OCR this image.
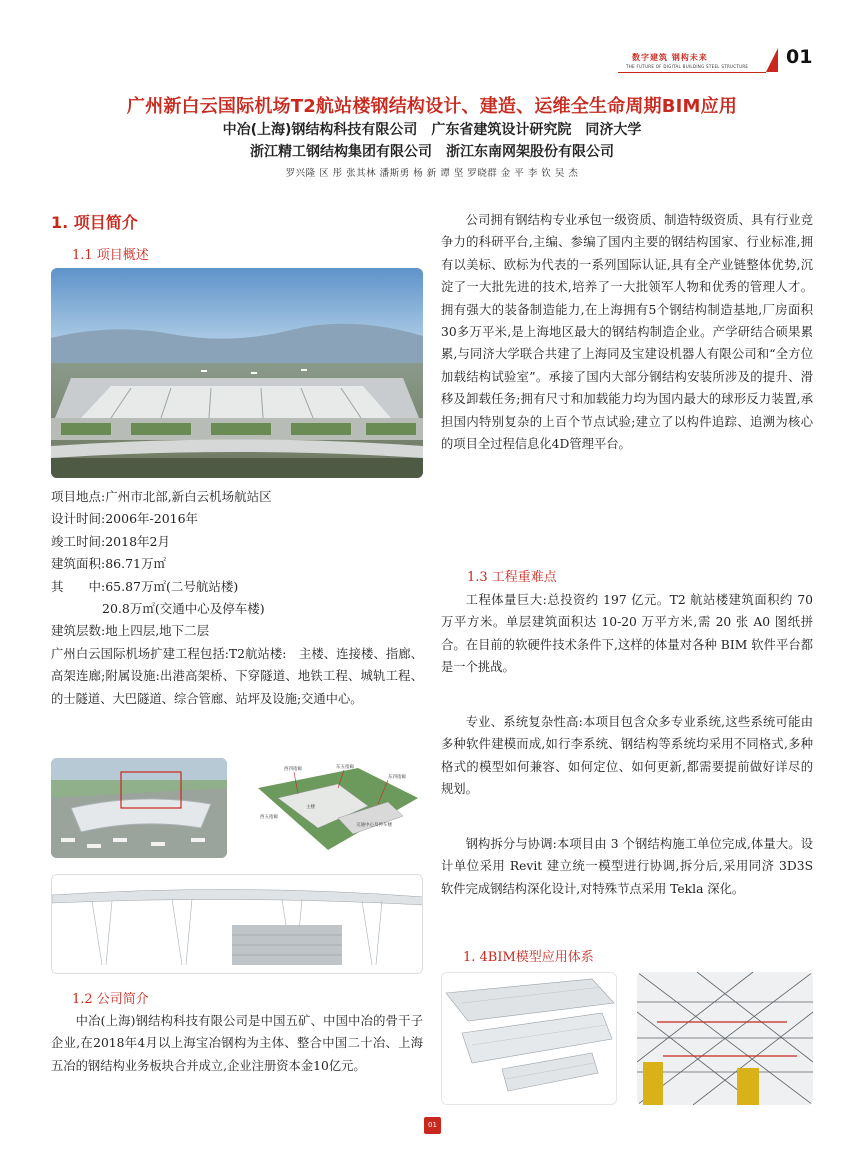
数字建筑 钢构未来
THE FUTURE OF DIGITAL BUILDING STEEL STRUCTURE 01
广州新白云国际机场T2航站楼钢结构设计、建造、运维全生命周期BIM应用
中冶(上海)钢结构科技有限公司　广东省建筑设计研究院　同济大学
浙江精工钢结构集团有限公司　浙江东南网架股份有限公司
罗兴隆 区 彤 张其林 潘斯勇 杨 新 谭 坚 罗晓群 金 平 李 钦 吴 杰
1. 项目简介
1.1 项目概述
项目地点:广州市北部,新白云机场航站区
设计时间:2006年-2016年
竣工时间:2018年2月
建筑面积:86.71万㎡
其　　中:65.87万㎡(二号航站楼)
20.8万㎡(交通中心及停车楼)
建筑层数:地上四层,地下二层
广州白云国际机场扩建工程包括:T2航站楼:　主楼、连接楼、指廊、高架连廊;附属设施:出港高架桥、下穿隧道、地铁工程、城轨工程、的士隧道、大巴隧道、综合管廊、站坪及设施;交通中心。
西四指廊	东五指廊
东四指廊
西五指廊
主楼
交通中心及停车楼
1.2 公司简介
中冶(上海)钢结构科技有限公司是中国五矿、中国中冶的骨干子企业,在2018年4月以上海宝冶钢构为主体、整合中国二十冶、上海五冶的钢结构业务板块合并成立,企业注册资本金10亿元。
公司拥有钢结构专业承包一级资质、制造特级资质、具有行业竞争力的科研平台,主编、参编了国内主要的钢结构国家、行业标准,拥有以美标、欧标为代表的一系列国际认证,具有全产业链整体优势,沉淀了一大批先进的技术,培养了一大批领军人物和优秀的管理人才。拥有强大的装备制造能力,在上海拥有5个钢结构制造基地,厂房面积30多万平米,是上海地区最大的钢结构制造企业。产学研结合硕果累累,与同济大学联合共建了上海同及宝建设机器人有限公司和“全方位加载结构试验室”。承接了国内大部分钢结构安装所涉及的提升、滑移及卸载任务;拥有尺寸和加载能力均为国内最大的球形反力装置,承担国内特别复杂的上百个节点试验;建立了以构件追踪、追溯为核心的项目全过程信息化4D管理平台。
1.3 工程重难点
工程体量巨大:总投资约 197 亿元。T2 航站楼建筑面积约 70 万平方米。单层建筑面积达 10-20 万平方米,需 20 张 A0 图纸拼合。在目前的软硬件技术条件下,这样的体量对各种 BIM 软件平台都是一个挑战。
专业、系统复杂性高:本项目包含众多专业系统,这些系统可能由多种软件建模而成,如行李系统、钢结构等系统均采用不同格式,多种格式的模型如何兼容、如何定位、如何更新,都需要提前做好详尽的规划。
钢构拆分与协调:本项目由 3 个钢结构施工单位完成,体量大。设计单位采用 Revit 建立统一模型进行协调,拆分后,采用同济 3D3S 软件完成钢结构深化设计,对特殊节点采用 Tekla 深化。
1. 4BIM模型应用体系
01
